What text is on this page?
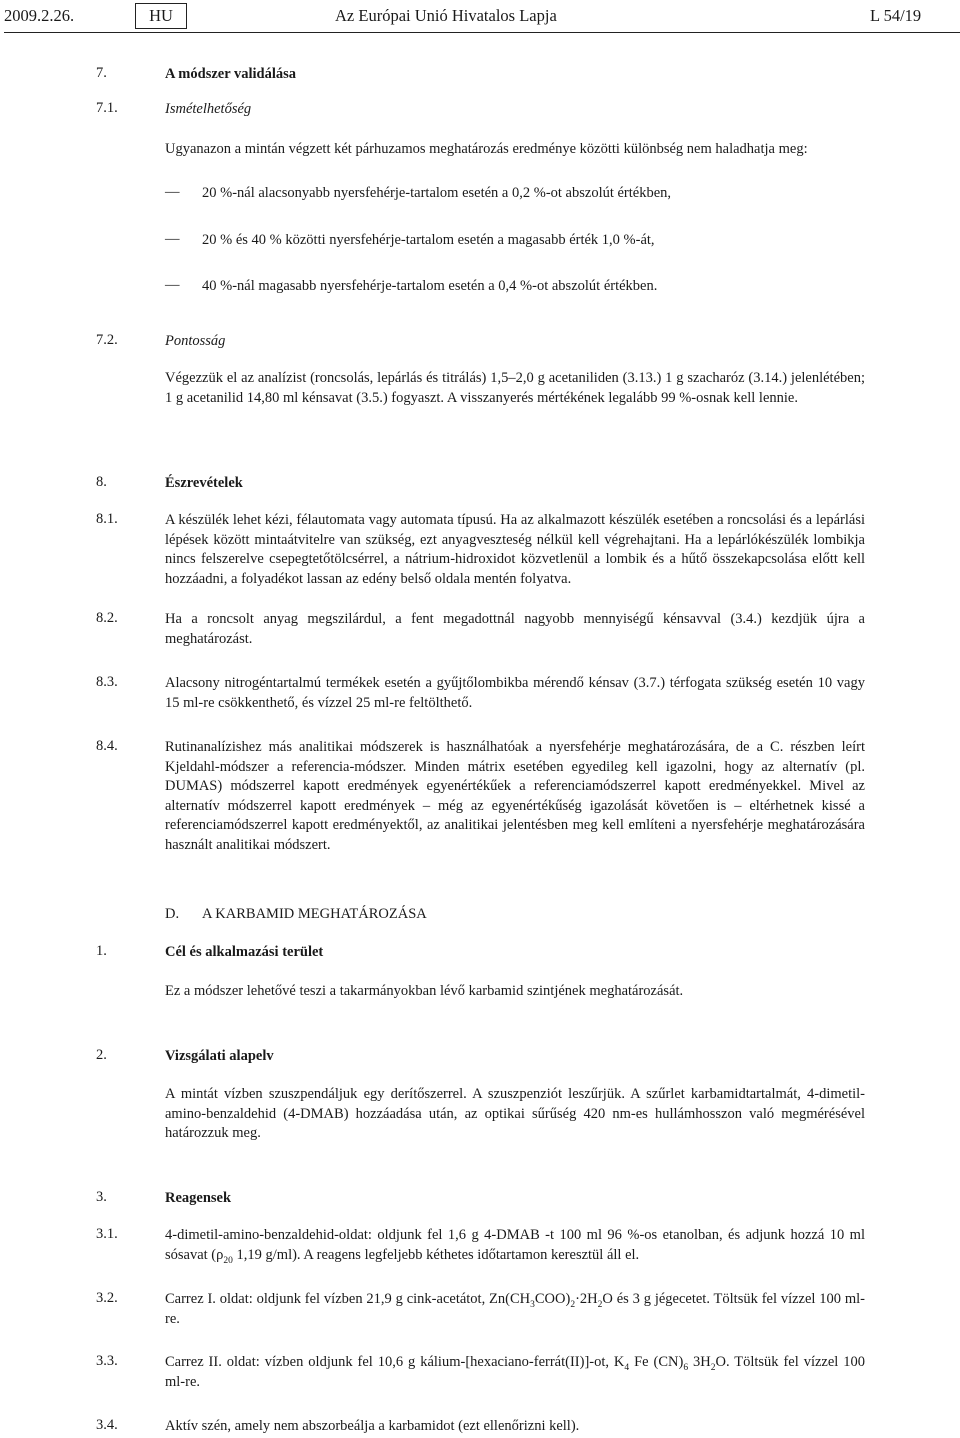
2009.2.26.	HU	Az Európai Unió Hivatalos Lapja	L 54/19
7.	A módszer validálása
7.1.	Ismételhetőség
Ugyanazon a mintán végzett két párhuzamos meghatározás eredménye közötti különbség nem haladhatja meg:
— 20 %-nál alacsonyabb nyersfehérje-tartalom esetén a 0,2 %-ot abszolút értékben,
— 20 % és 40 % közötti nyersfehérje-tartalom esetén a magasabb érték 1,0 %-át,
— 40 %-nál magasabb nyersfehérje-tartalom esetén a 0,4 %-ot abszolút értékben.
7.2.	Pontosság
Végezzük el az analízist (roncsolás, lepárlás és titrálás) 1,5–2,0 g acetaniliden (3.13.) 1 g szacharóz (3.14.) jelenlétében; 1 g acetanilid 14,80 ml kénsavat (3.5.) fogyaszt. A visszanyerés mértékének legalább 99 %-osnak kell lennie.
8.	Észrevételek
8.1.	A készülék lehet kézi, félautomata vagy automata típusú. Ha az alkalmazott készülék esetében a roncsolási és a lepárlási lépések között mintaátvitelre van szükség, ezt anyagveszteség nélkül kell végrehajtani. Ha a lepárlókészülék lombikja nincs felszerelve csepegtetőtölcsérrel, a nátrium-hidroxidot közvetlenül a lombik és a hűtő összekapcsolása előtt kell hozzáadni, a folyadékot lassan az edény belső oldala mentén folyatva.
8.2.	Ha a roncsolt anyag megszilárdul, a fent megadottnál nagyobb mennyiségű kénsavval (3.4.) kezdjük újra a meghatározást.
8.3.	Alacsony nitrogéntartalmú termékek esetén a gyűjtőlombikba mérendő kénsav (3.7.) térfogata szükség esetén 10 vagy 15 ml-re csökkenthető, és vízzel 25 ml-re feltölthető.
8.4.	Rutinanalízishez más analitikai módszerek is használhatóak a nyersfehérje meghatározására, de a C. részben leírt Kjeldahl-módszer a referencia-módszer. Minden mátrix esetében egyedileg kell igazolni, hogy az alternatív (pl. DUMAS) módszerrel kapott eredmények egyenértékűek a referenciamódszerrel kapott eredményekkel. Mivel az alternatív módszerrel kapott eredmények – még az egyenértékűség igazolását követően is – eltérhetnek kissé a referenciamódszerrel kapott eredményektől, az analitikai jelentésben meg kell említeni a nyersfehérje meghatározására használt analitikai módszert.
D. A KARBAMID MEGHATÁROZÁSA
1.	Cél és alkalmazási terület
Ez a módszer lehetővé teszi a takarmányokban lévő karbamid szintjének meghatározását.
2.	Vizsgálati alapelv
A mintát vízben szuszpendáljuk egy derítőszerrel. A szuszpenziót leszűrjük. A szűrlet karbamidtartalmát, 4-dimetil-amino-benzaldehid (4-DMAB) hozzáadása után, az optikai sűrűség 420 nm-es hullámhosszon való megmérésével határozzuk meg.
3.	Reagensek
3.1.	4-dimetil-amino-benzaldehid-oldat: oldjunk fel 1,6 g 4-DMAB -t 100 ml 96 %-os etanolban, és adjunk hozzá 10 ml sósavat ($\rho_{20}$ 1,19 g/ml). A reagens legfeljebb kéthetes időtartamon keresztül áll el.
3.2.	Carrez I. oldat: oldjunk fel vízben 21,9 g cink-acetátot, $Zn(CH_3COO)_2\cdot 2H_2O$ és 3 g jégecetet. Töltsük fel vízzel 100 ml-re.
3.3.	Carrez II. oldat: vízben oldjunk fel 10,6 g kálium-[hexaciano-ferrát(II)]-ot, $K_4$ Fe $(CN)_6$ $3H_2O$. Töltsük fel vízzel 100 ml-re.
3.4.	Aktív szén, amely nem abszorbeálja a karbamidot (ezt ellenőrizni kell).
